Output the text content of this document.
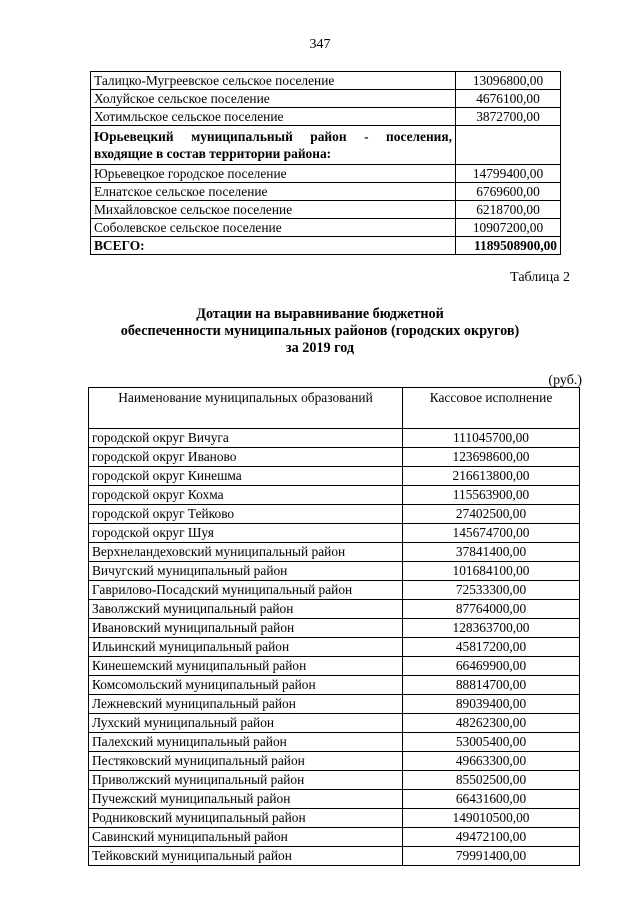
347
Талицко-Мугреевское сельское поселение	13096800,00
Холуйское сельское поселение	4676100,00
Хотимльское сельское поселение	3872700,00
Юрьевецкий муниципальный район - поселения, входящие в состав территории района:	
Юрьевецкое городское поселение	14799400,00
Елнатское сельское поселение	6769600,00
Михайловское сельское поселение	6218700,00
Соболевское сельское поселение	10907200,00
ВСЕГО:	1189508900,00
Таблица 2
Дотации на выравнивание бюджетной
обеспеченности муниципальных районов (городских округов)
за 2019 год
(руб.)
Наименование муниципальных образований	Кассовое исполнение
городской округ Вичуга	111045700,00
городской округ Иваново	123698600,00
городской округ Кинешма	216613800,00
городской округ Кохма	115563900,00
городской округ Тейково	27402500,00
городской округ Шуя	145674700,00
Верхнеландеховский муниципальный район	37841400,00
Вичугский муниципальный район	101684100,00
Гаврилово-Посадский муниципальный район	72533300,00
Заволжский муниципальный район	87764000,00
Ивановский муниципальный район	128363700,00
Ильинский муниципальный район	45817200,00
Кинешемский муниципальный район	66469900,00
Комсомольский муниципальный район	88814700,00
Лежневский муниципальный район	89039400,00
Лухский муниципальный район	48262300,00
Палехский муниципальный район	53005400,00
Пестяковский муниципальный район	49663300,00
Приволжский муниципальный район	85502500,00
Пучежский муниципальный район	66431600,00
Родниковский муниципальный район	149010500,00
Савинский муниципальный район	49472100,00
Тейковский муниципальный район	79991400,00
